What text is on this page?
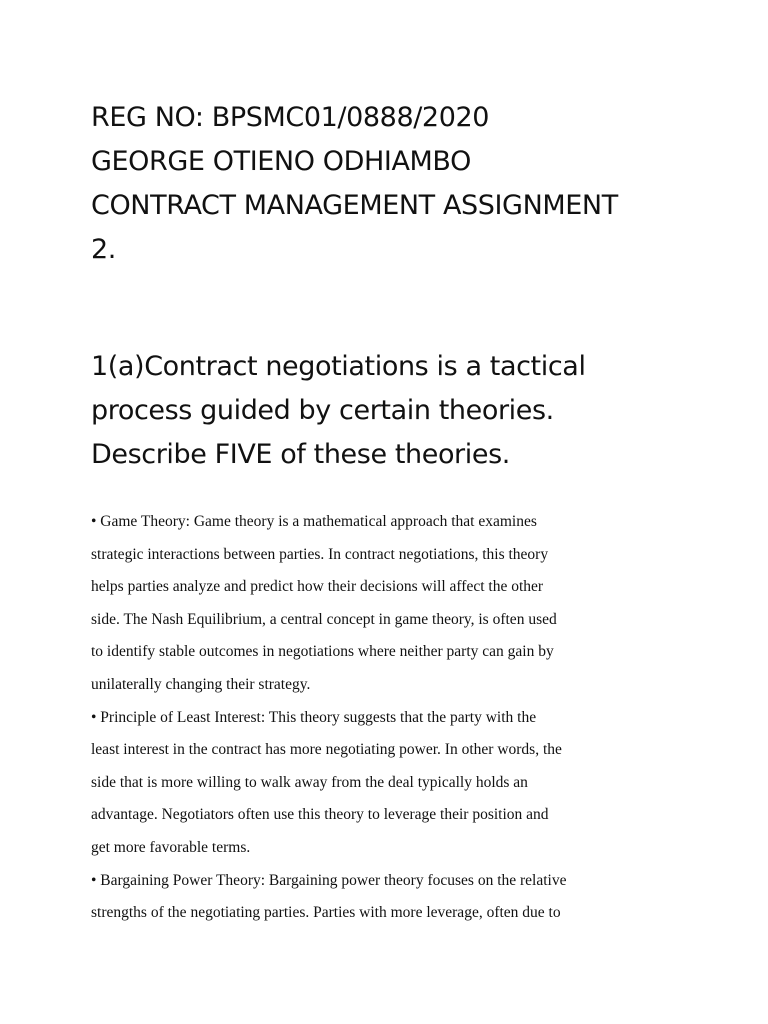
REG NO: BPSMC01/0888/2020
GEORGE OTIENO ODHIAMBO
CONTRACT MANAGEMENT ASSIGNMENT
2.
1(a)Contract negotiations is a tactical
process guided by certain theories.
Describe FIVE of these theories.
• Game Theory: Game theory is a mathematical approach that examines
strategic interactions between parties. In contract negotiations, this theory
helps parties analyze and predict how their decisions will affect the other
side. The Nash Equilibrium, a central concept in game theory, is often used
to identify stable outcomes in negotiations where neither party can gain by
unilaterally changing their strategy.
• Principle of Least Interest: This theory suggests that the party with the
least interest in the contract has more negotiating power. In other words, the
side that is more willing to walk away from the deal typically holds an
advantage. Negotiators often use this theory to leverage their position and
get more favorable terms.
• Bargaining Power Theory: Bargaining power theory focuses on the relative
strengths of the negotiating parties. Parties with more leverage, often due to
